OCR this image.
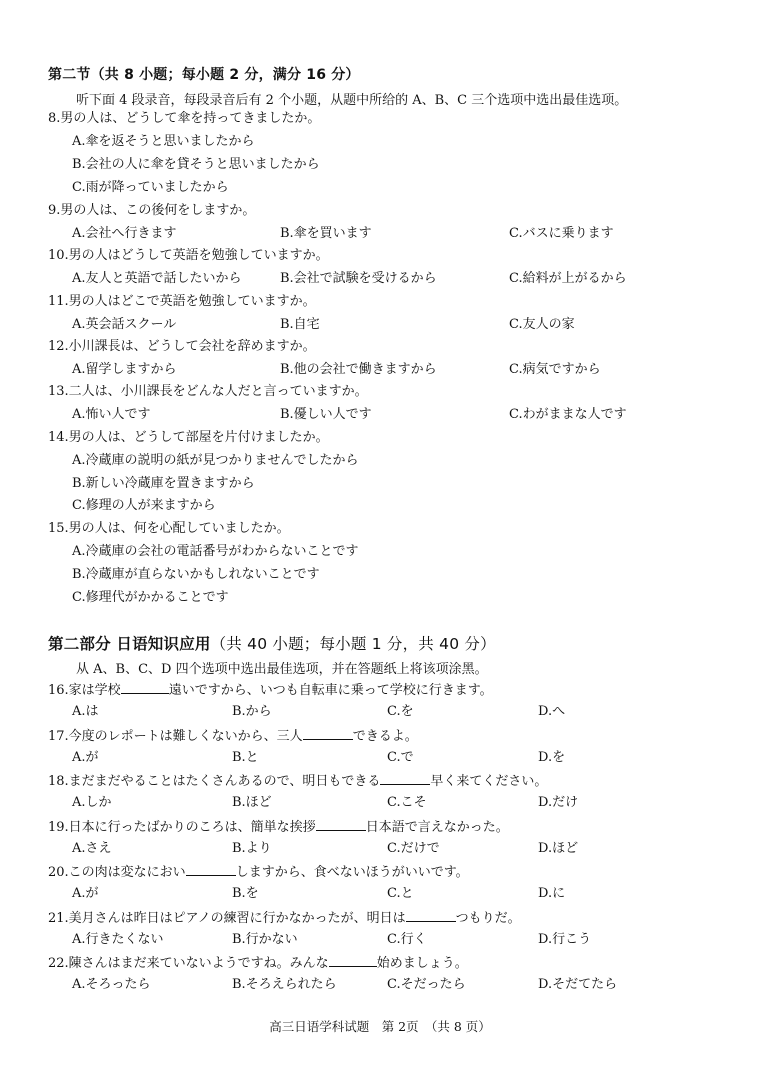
第二节（共 8 小题；每小题 2 分，满分 16 分）
听下面 4 段录音，每段录音后有 2 个小题，从题中所给的 A、B、C 三个选项中选出最佳选项。
8.男の人は、どうして傘を持ってきましたか。
A.傘を返そうと思いましたから
B.会社の人に傘を貸そうと思いましたから
C.雨が降っていましたから
9.男の人は、この後何をしますか。
A.会社へ行きます	B.傘を買います	C.バスに乗ります
10.男の人はどうして英語を勉強していますか。
A.友人と英語で話したいから	B.会社で試験を受けるから	C.給料が上がるから
11.男の人はどこで英語を勉強していますか。
A.英会話スクール	B.自宅	C.友人の家
12.小川課長は、どうして会社を辞めますか。
A.留学しますから	B.他の会社で働きますから	C.病気ですから
13.二人は、小川課長をどんな人だと言っていますか。
A.怖い人です	B.優しい人です	C.わがままな人です
14.男の人は、どうして部屋を片付けましたか。
A.冷蔵庫の説明の紙が見つかりませんでしたから
B.新しい冷蔵庫を置きますから
C.修理の人が来ますから
15.男の人は、何を心配していましたか。
A.冷蔵庫の会社の電話番号がわからないことです
B.冷蔵庫が直らないかもしれないことです
C.修理代がかかることです
第二部分 日语知识应用（共 40 小题；每小题 1 分，共 40 分）
从 A、B、C、D 四个选项中选出最佳选项，并在答题纸上将该项涂黑。
16.家は学校	遠いですから、いつも自転車に乗って学校に行きます。
A.は	B.から	C.を	D.へ
17.今度のレポートは難しくないから、三人	できるよ。
A.が	B.と	C.で	D.を
18.まだまだやることはたくさんあるので、明日もできる	早く来てください。
A.しか	B.ほど	C.こそ	D.だけ
19.日本に行ったばかりのころは、簡単な挨拶	日本語で言えなかった。
A.さえ	B.より	C.だけで	D.ほど
20.この肉は変なにおい	しますから、食べないほうがいいです。
A.が	B.を	C.と	D.に
21.美月さんは昨日はピアノの練習に行かなかったが、明日は	つもりだ。
A.行きたくない	B.行かない	C.行く	D.行こう
22.陳さんはまだ来ていないようですね。みんな	始めましょう。
A.そろったら	B.そろえられたら	C.そだったら	D.そだてたら
高三日语学科试题　第 2页　（共 8 页）
